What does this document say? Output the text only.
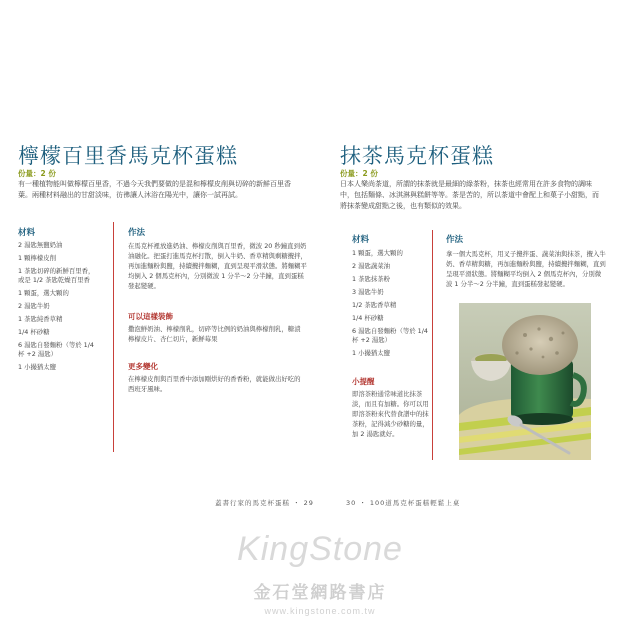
檸檬百里香馬克杯蛋糕
份量：2 份

有一種植物能叫做檸檬百里香，不過今天我們要做的是混和檸檬皮削與切碎的新鮮百里香葉。兩種材料融出的甘甜淡味，彷彿讓人沐浴在陽光中，讓你一試再試。

材料
2 湯匙無鹽奶油
1 顆檸檬皮削
1 茶匙切碎的新鮮百里香，或是 1/2 茶匙乾燥百里香
1 顆蛋，選大顆的
2 湯匙牛奶
1 茶匙純香草精
1/4 杯砂糖
6 湯匙自發麵粉（等於 1/4 杯 +2 湯匙）
1 小撮猶太鹽
作法

在馬克杯裡放進奶油、檸檬皮削與百里香，微波 20 秒鐘直到奶油融化。把蛋打進馬克杯打散，倒入牛奶、香草精與剩糖攪拌，再加進麵粉與鹽，持續攪拌麵糊，直到呈現平滑狀態。將麵糊平均倒入 2 個馬克杯內，分別微波 1 分半～2 分半鐘，直到蛋糕發起變硬。

可以這樣裝飾

撒泡鮮奶油、檸檬削乳，切碎等比例的奶油與檸檬削乳，糖漬檸檬皮片、杏仁切片，新鮮莓果

更多變化

在檸檬皮削與百里香中添加剛烘好的香香粉，就能做出好吃的西班牙風味。

蓋書行家的馬克杯蛋糕 ・ 29
抹茶馬克杯蛋糕
份量：2 份

日本人樂尚茶道，所謂的抹茶就是最細的綠茶粉，抹茶也經常用在許多食物的調味中，包括麵條、冰淇淋與糕餅等等。茶是苦的，所以茶道中會配上和菓子小甜點，而將抹茶變成甜點之後，也有類似的效果。

材料
1 顆蛋，選大顆的
2 湯匙蔬菜油
1 茶匙抹茶粉
3 湯匙牛奶
1/2 茶匙香草精
1/4 杯砂糖
6 湯匙自發麵粉（等於 1/4 杯 +2 湯匙）
1 小撮猶太鹽
小提醒

即溶茶粉通常味道比抹茶淡，而且有加糖。你可以用即溶茶粉來代替食譜中的抹茶粉，記得減少砂糖的量，加 2 湯匙就好。

作法

拿一個大馬克杯，用叉子攪拌蛋、蔬菜油與抹茶，攪入牛奶、香草精與糖，再加進麵粉與鹽，持續攪拌麵糊，直到呈現平滑狀態。將麵糊平均倒入 2 個馬克杯內，分別微波 1 分半～2 分半鐘，直到蛋糕發起變硬。

30 ・ 100道馬克杯蛋糕輕鬆上桌
KingStone
金石堂網路書店
www.kingstone.com.tw
